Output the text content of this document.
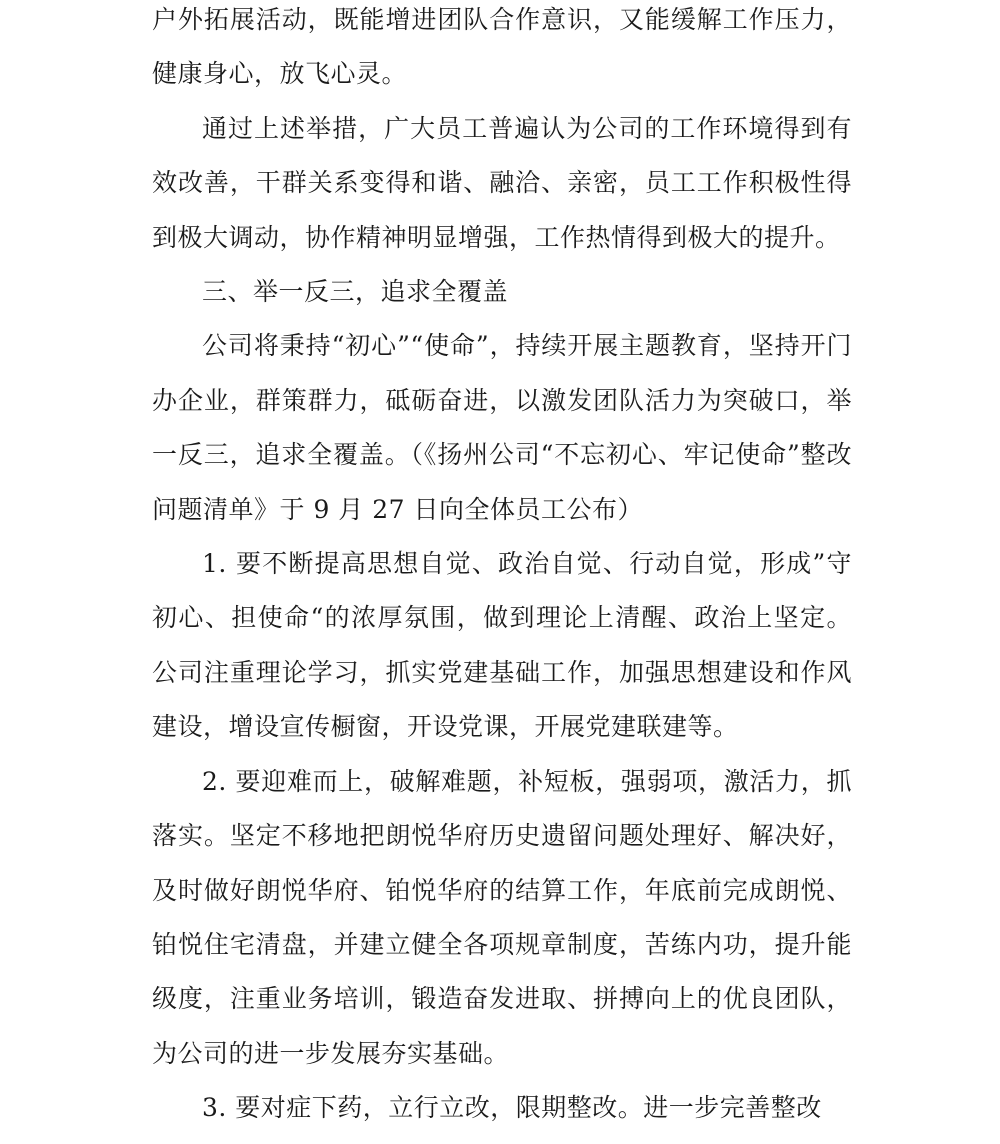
户外拓展活动，既能增进团队合作意识，又能缓解工作压力，健康身心，放飞心灵。

通过上述举措，广大员工普遍认为公司的工作环境得到有效改善，干群关系变得和谐、融洽、亲密，员工工作积极性得到极大调动，协作精神明显增强，工作热情得到极大的提升。

三、举一反三，追求全覆盖

公司将秉持“初心”“使命”，持续开展主题教育，坚持开门办企业，群策群力，砥砺奋进，以激发团队活力为突破口，举一反三，追求全覆盖。（《扬州公司“不忘初心、牢记使命”整改问题清单》于 9 月 27 日向全体员工公布）

1. 要不断提高思想自觉、政治自觉、行动自觉，形成”守初心、担使命“的浓厚氛围，做到理论上清醒、政治上坚定。公司注重理论学习，抓实党建基础工作，加强思想建设和作风建设，增设宣传橱窗，开设党课，开展党建联建等。

2. 要迎难而上，破解难题，补短板，强弱项，激活力，抓落实。坚定不移地把朗悦华府历史遗留问题处理好、解决好，及时做好朗悦华府、铂悦华府的结算工作，年底前完成朗悦、铂悦住宅清盘，并建立健全各项规章制度，苦练内功，提升能级度，注重业务培训，锻造奋发进取、拼搏向上的优良团队，为公司的进一步发展夯实基础。

3. 要对症下药，立行立改，限期整改。进一步完善整改
